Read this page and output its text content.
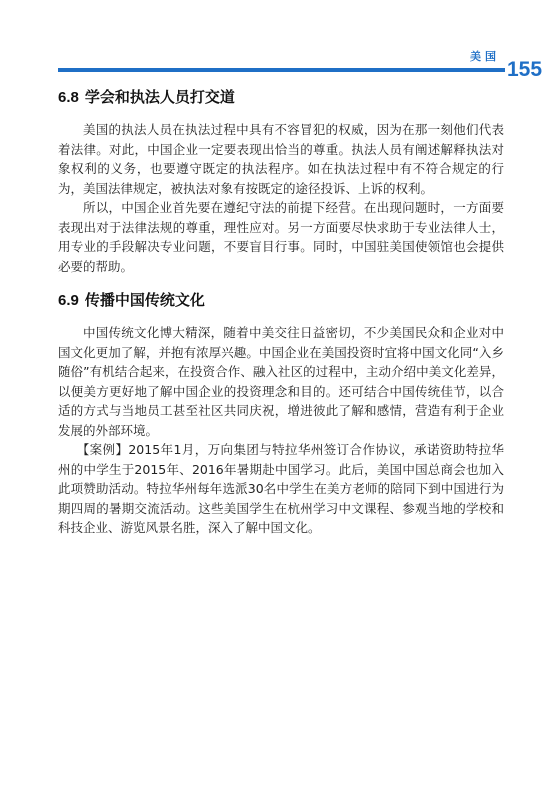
美国
155
6.8 学会和执法人员打交道

美国的执法人员在执法过程中具有不容冒犯的权威，因为在那一刻他们代表着法律。对此，中国企业一定要表现出恰当的尊重。执法人员有阐述解释执法对象权利的义务，也要遵守既定的执法程序。如在执法过程中有不符合规定的行为，美国法律规定，被执法对象有按既定的途径投诉、上诉的权利。

所以，中国企业首先要在遵纪守法的前提下经营。在出现问题时，一方面要表现出对于法律法规的尊重，理性应对。另一方面要尽快求助于专业法律人士，用专业的手段解决专业问题，不要盲目行事。同时，中国驻美国使领馆也会提供必要的帮助。

6.9 传播中国传统文化

中国传统文化博大精深，随着中美交往日益密切，不少美国民众和企业对中国文化更加了解，并抱有浓厚兴趣。中国企业在美国投资时宜将中国文化同“入乡随俗”有机结合起来，在投资合作、融入社区的过程中，主动介绍中美文化差异，以便美方更好地了解中国企业的投资理念和目的。还可结合中国传统佳节，以合适的方式与当地员工甚至社区共同庆祝，增进彼此了解和感情，营造有利于企业发展的外部环境。

【案例】2015年1月，万向集团与特拉华州签订合作协议，承诺资助特拉华州的中学生于2015年、2016年暑期赴中国学习。此后，美国中国总商会也加入此项赞助活动。特拉华州每年选派30名中学生在美方老师的陪同下到中国进行为期四周的暑期交流活动。这些美国学生在杭州学习中文课程、参观当地的学校和科技企业、游览风景名胜，深入了解中国文化。
